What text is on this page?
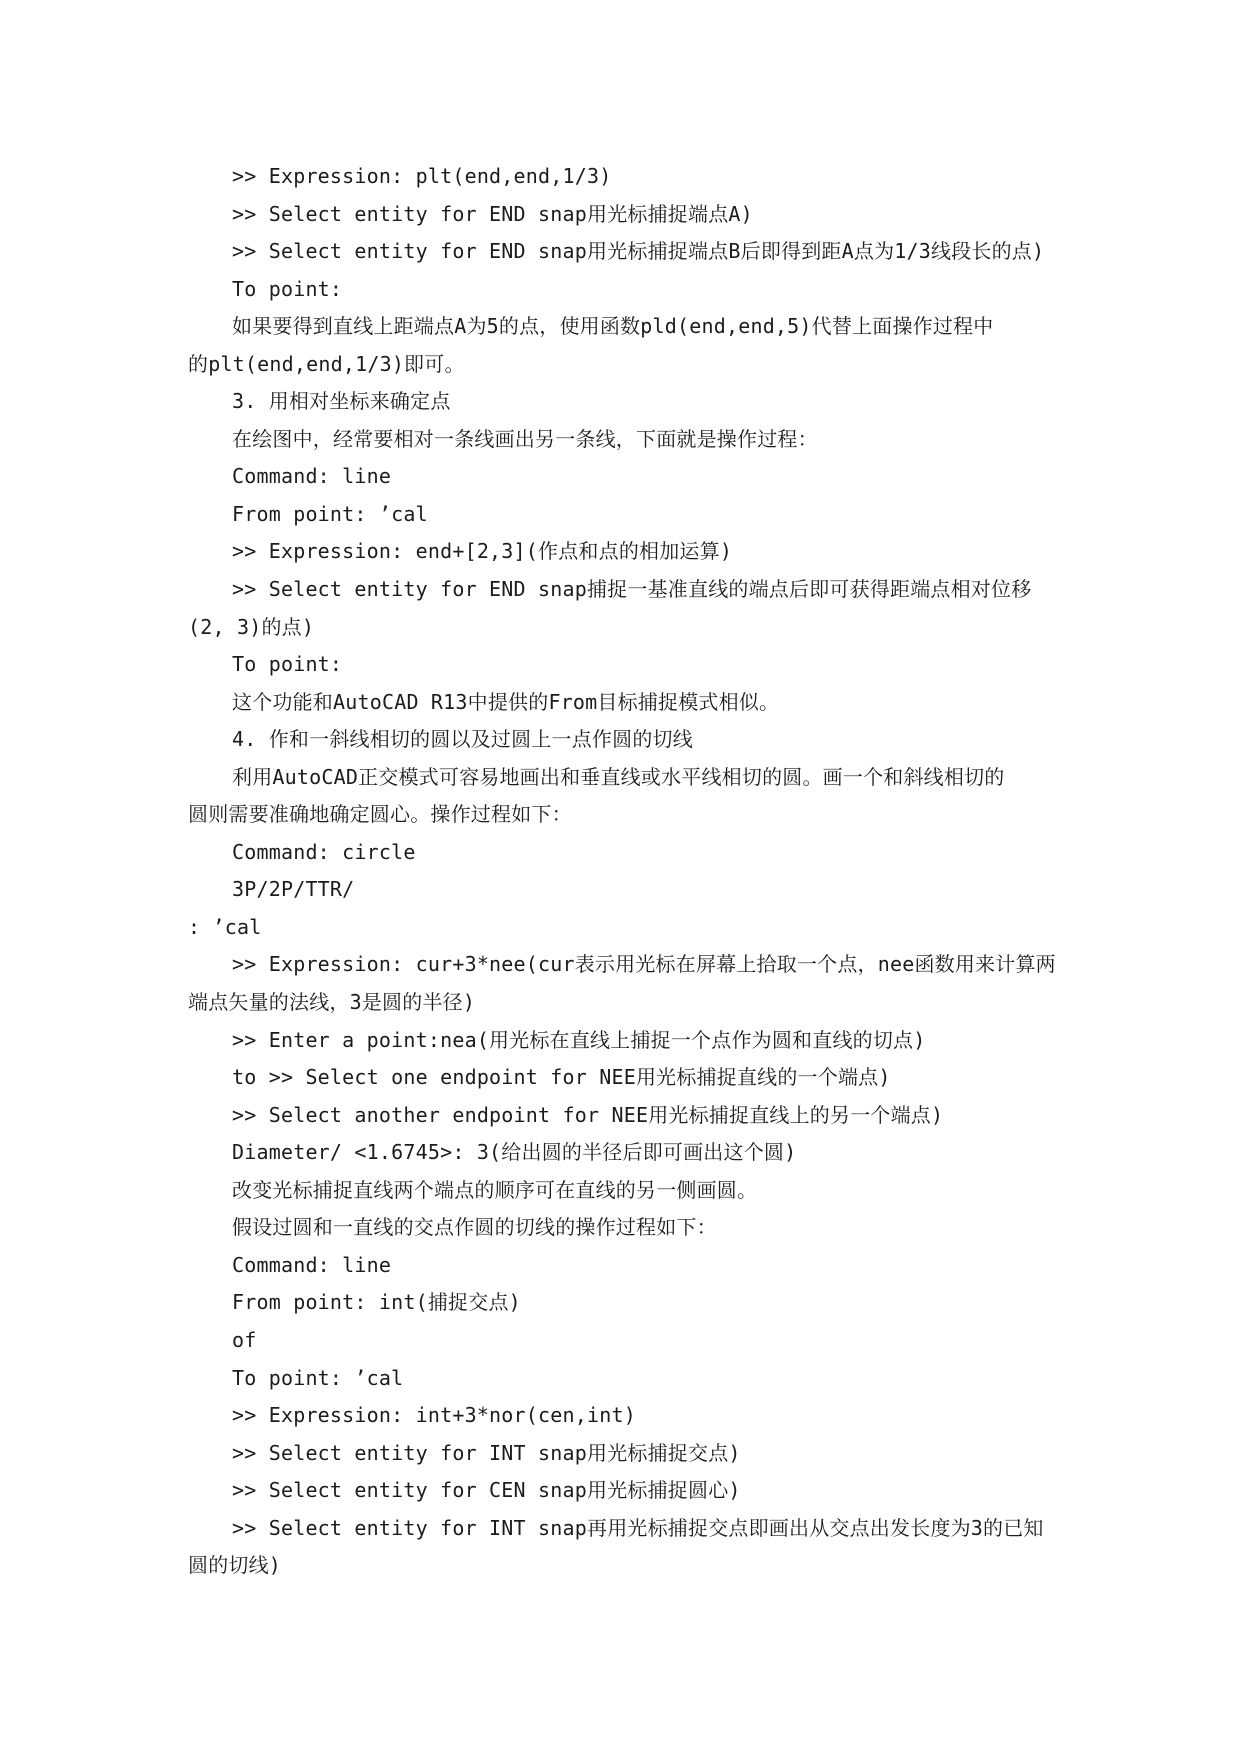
>> Expression: plt(end,end,1/3)
>> Select entity for END snap用光标捕捉端点A)
>> Select entity for END snap用光标捕捉端点B后即得到距A点为1/3线段长的点)
To point:
如果要得到直线上距端点A为5的点，使用函数pld(end,end,5)代替上面操作过程中
的plt(end,end,1/3)即可。
3. 用相对坐标来确定点
在绘图中，经常要相对一条线画出另一条线，下面就是操作过程：
Command: line
From point: ’cal
>> Expression: end+[2,3](作点和点的相加运算)
>> Select entity for END snap捕捉一基准直线的端点后即可获得距端点相对位移
(2, 3)的点)
To point:
这个功能和AutoCAD R13中提供的From目标捕捉模式相似。
4. 作和一斜线相切的圆以及过圆上一点作圆的切线
利用AutoCAD正交模式可容易地画出和垂直线或水平线相切的圆。画一个和斜线相切的
圆则需要准确地确定圆心。操作过程如下：
Command: circle
3P/2P/TTR/
: ’cal
>> Expression: cur+3*nee(cur表示用光标在屏幕上拾取一个点，nee函数用来计算两
端点矢量的法线，3是圆的半径)
>> Enter a point:nea(用光标在直线上捕捉一个点作为圆和直线的切点)
to >> Select one endpoint for NEE用光标捕捉直线的一个端点)
>> Select another endpoint for NEE用光标捕捉直线上的另一个端点)
Diameter/ <1.6745>: 3(给出圆的半径后即可画出这个圆)
改变光标捕捉直线两个端点的顺序可在直线的另一侧画圆。
假设过圆和一直线的交点作圆的切线的操作过程如下：
Command: line
From point: int(捕捉交点)
of
To point: ’cal
>> Expression: int+3*nor(cen,int)
>> Select entity for INT snap用光标捕捉交点)
>> Select entity for CEN snap用光标捕捉圆心)
>> Select entity for INT snap再用光标捕捉交点即画出从交点出发长度为3的已知
圆的切线)
